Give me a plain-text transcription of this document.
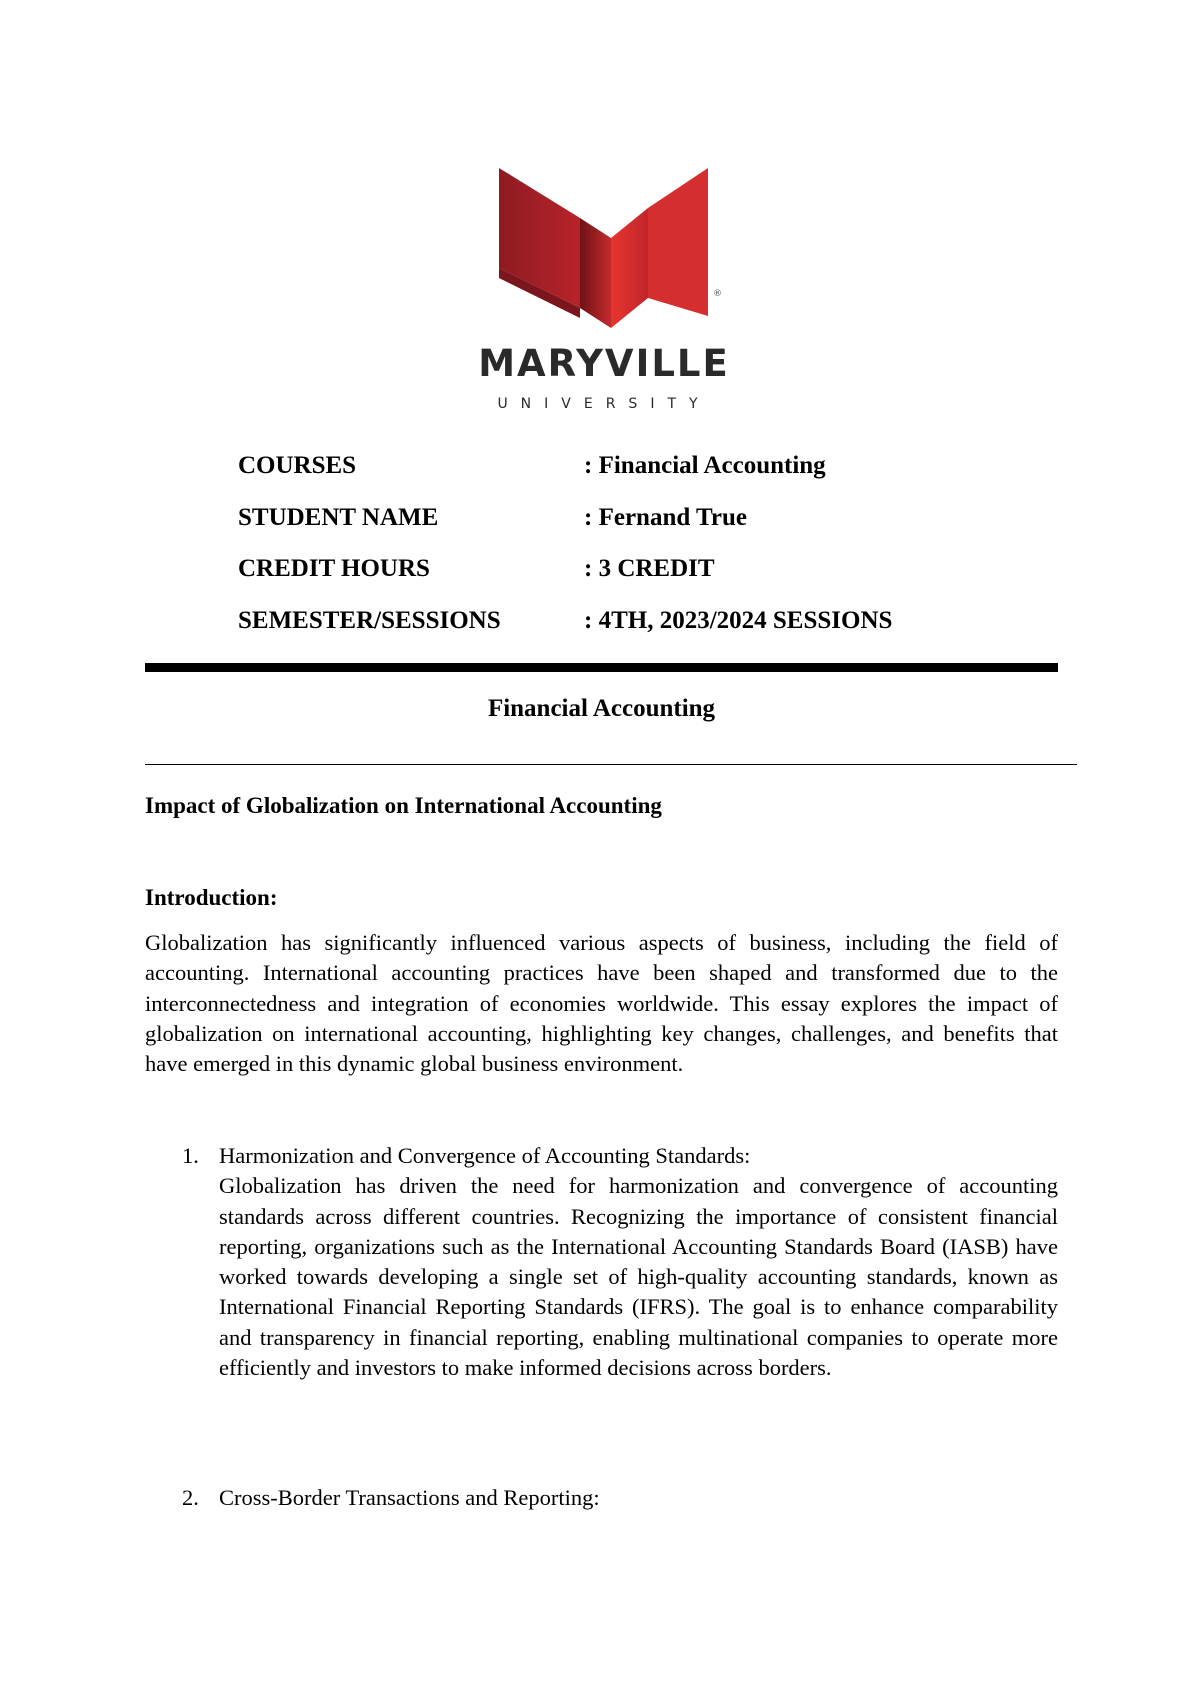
®
MARYVILLE
UNIVERSITY
COURSES	: Financial Accounting
STUDENT NAME	: Fernand True
CREDIT HOURS	: 3 CREDIT
SEMESTER/SESSIONS	: 4TH, 2023/2024 SESSIONS
Financial Accounting
Impact of Globalization on International Accounting
Introduction:
Globalization has significantly influenced various aspects of business, including the field of accounting. International accounting practices have been shaped and transformed due to the interconnectedness and integration of economies worldwide. This essay explores the impact of globalization on international accounting, highlighting key changes, challenges, and benefits that have emerged in this dynamic global business environment.
1. Harmonization and Convergence of Accounting Standards:
Globalization has driven the need for harmonization and convergence of accounting standards across different countries. Recognizing the importance of consistent financial reporting, organizations such as the International Accounting Standards Board (IASB) have worked towards developing a single set of high-quality accounting standards, known as International Financial Reporting Standards (IFRS). The goal is to enhance comparability and transparency in financial reporting, enabling multinational companies to operate more efficiently and investors to make informed decisions across borders.
2. Cross-Border Transactions and Reporting:
